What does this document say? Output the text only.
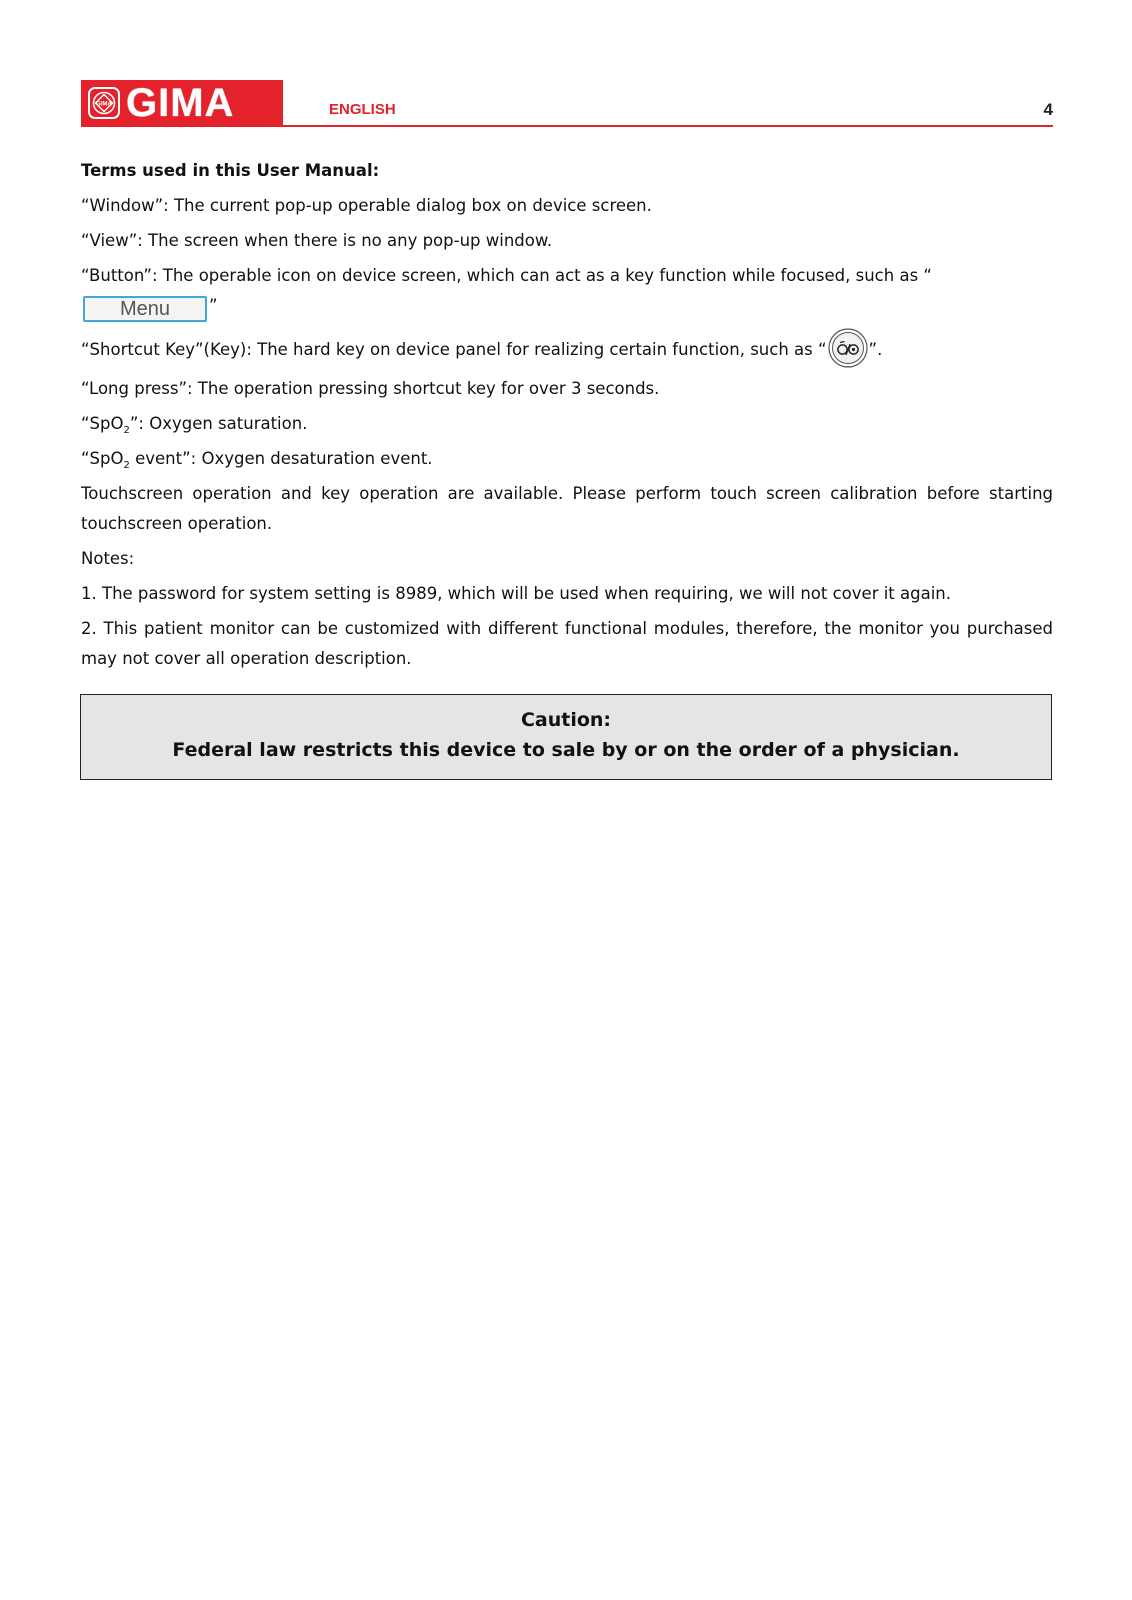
GIMA GIMA	ENGLISH	4

Terms used in this User Manual:

“Window”: The current pop-up operable dialog box on device screen.

“View”: The screen when there is no any pop-up window.

“Button”: The operable icon on device screen, which can act as a key function while focused, such as “Menu ”

“Shortcut Key”(Key): The hard key on device panel for realizing certain function, such as “	”.

“Long press”: The operation pressing shortcut key for over 3 seconds.

“SpO$_2$”: Oxygen saturation.

“SpO$_2$ event”: Oxygen desaturation event.

Touchscreen operation and key operation are available. Please perform touch screen calibration before starting touchscreen operation.

Notes:

1. The password for system setting is 8989, which will be used when requiring, we will not cover it again.

2. This patient monitor can be customized with different functional modules, therefore, the monitor you purchased may not cover all operation description.

Caution:
Federal law restricts this device to sale by or on the order of a physician.
